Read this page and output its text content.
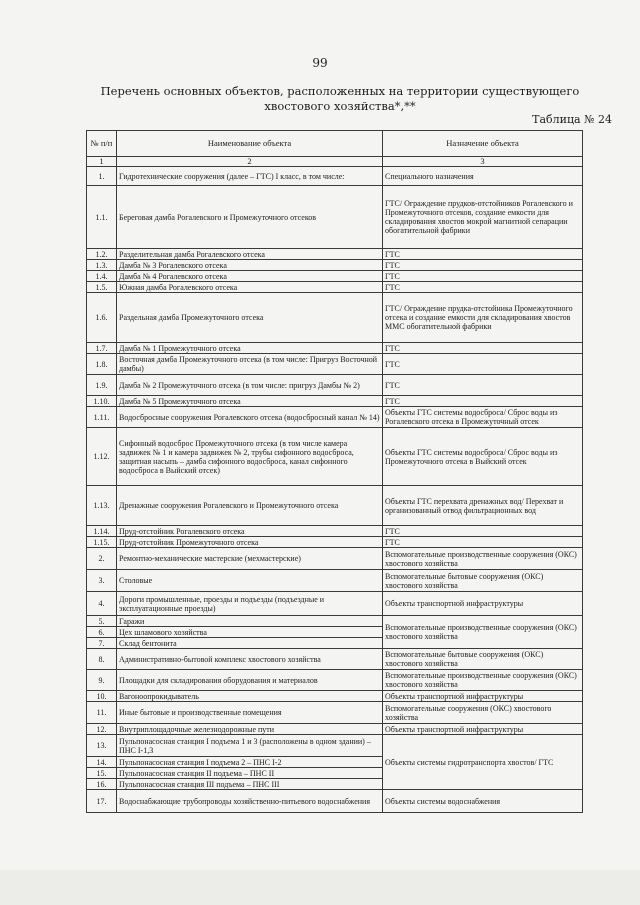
99
Перечень основных объектов, расположенных на территории существующего
хвостового хозяйства*,**
Таблица № 24
№ п/п	Наименование объекта	Назначение объекта
1	2	3
1.	Гидротехнические сооружения (далее – ГТС) I класс, в том числе:	Специального назначения
1.1.	Береговая дамба Рогалевского и Промежуточного отсеков	ГТС/ Ограждение прудков-отстойников Рогалевского и Промежуточного отсеков, создание емкости для складирования хвостов мокрой магнитной сепарации обогатительной фабрики
1.2.	Разделительная дамба Рогалевского отсека	ГТС
1.3.	Дамба № 3 Рогалевского отсека	ГТС
1.4.	Дамба № 4 Рогалевского отсека	ГТС
1.5.	Южная дамба Рогалевского отсека	ГТС
1.6.	Раздельная дамба Промежуточного отсека	ГТС/ Ограждение прудка-отстойника Промежуточного отсека и создание емкости для складирования хвостов ММС обогатительной фабрики
1.7.	Дамба № 1 Промежуточного отсека	ГТС
1.8.	Восточная дамба Промежуточного отсека (в том числе: Пригруз Восточной дамбы)	ГТС
1.9.	Дамба № 2 Промежуточного отсека (в том числе: пригруз Дамбы № 2)	ГТС
1.10.	Дамба № 5 Промежуточного отсека	ГТС
1.11.	Водосбросные сооружения Рогалевского отсека (водосбросный канал № 14)	Объекты ГТС системы водосброса/ Сброс воды из Рогалевского отсека в Промежуточный отсек
1.12.	Сифонный водосброс Промежуточного отсека (в том числе камера задвижек № 1 и камера задвижек № 2, трубы сифонного водосброса, защитная насыпь – дамба сифонного водосброса, канал сифонного водосброса в Выйский отсек)	Объекты ГТС системы водосброса/ Сброс воды из Промежуточного отсека в Выйский отсек
1.13.	Дренажные сооружения Рогалевского и Промежуточного отсека	Объекты ГТС перехвата дренажных вод/ Перехват и организованный отвод фильтрационных вод
1.14.	Пруд-отстойник Рогалевского отсека	ГТС
1.15.	Пруд-отстойник Промежуточного отсека	ГТС
2.	Ремонтно-механические мастерские (мехмастерские)	Вспомогательные производственные сооружения (ОКС) хвостового хозяйства
3.	Столовые	Вспомогательные бытовые сооружения (ОКС) хвостового хозяйства
4.	Дороги промышленные, проезды и подъезды (подъездные и эксплуатационные проезды)	Объекты транспортной инфраструктуры
5.	Гаражи	Вспомогательные производственные сооружения (ОКС) хвостового хозяйства
6.	Цех шламового хозяйства	
7.	Склад бентонита	
8.	Административно-бытовой комплекс хвостового хозяйства	Вспомогательные бытовые сооружения (ОКС) хвостового хозяйства
9.	Площадки для складирования оборудования и материалов	Вспомогательные производственные сооружения (ОКС) хвостового хозяйства
10.	Вагоноопрокидыватель	Объекты транспортной инфраструктуры
11.	Иные бытовые и производственные помещения	Вспомогательные сооружения (ОКС) хвостового хозяйства
12.	Внутриплощадочные железнодорожные пути	Объекты транспортной инфраструктуры
13.	Пульпонасосная станция I подъема 1 и 3 (расположены в одном здании) – ПНС I-1,3	Объекты системы гидротранспорта хвостов/ ГТС
14.	Пульпонасосная станция I подъема 2 – ПНС I-2	
15.	Пульпонасосная станция II подъема – ПНС II	
16.	Пульпонасосная станция III подъема – ПНС III	
17.	Водоснабжающие трубопроводы хозяйственно-питьевого водоснабжения	Объекты системы водоснабжения
